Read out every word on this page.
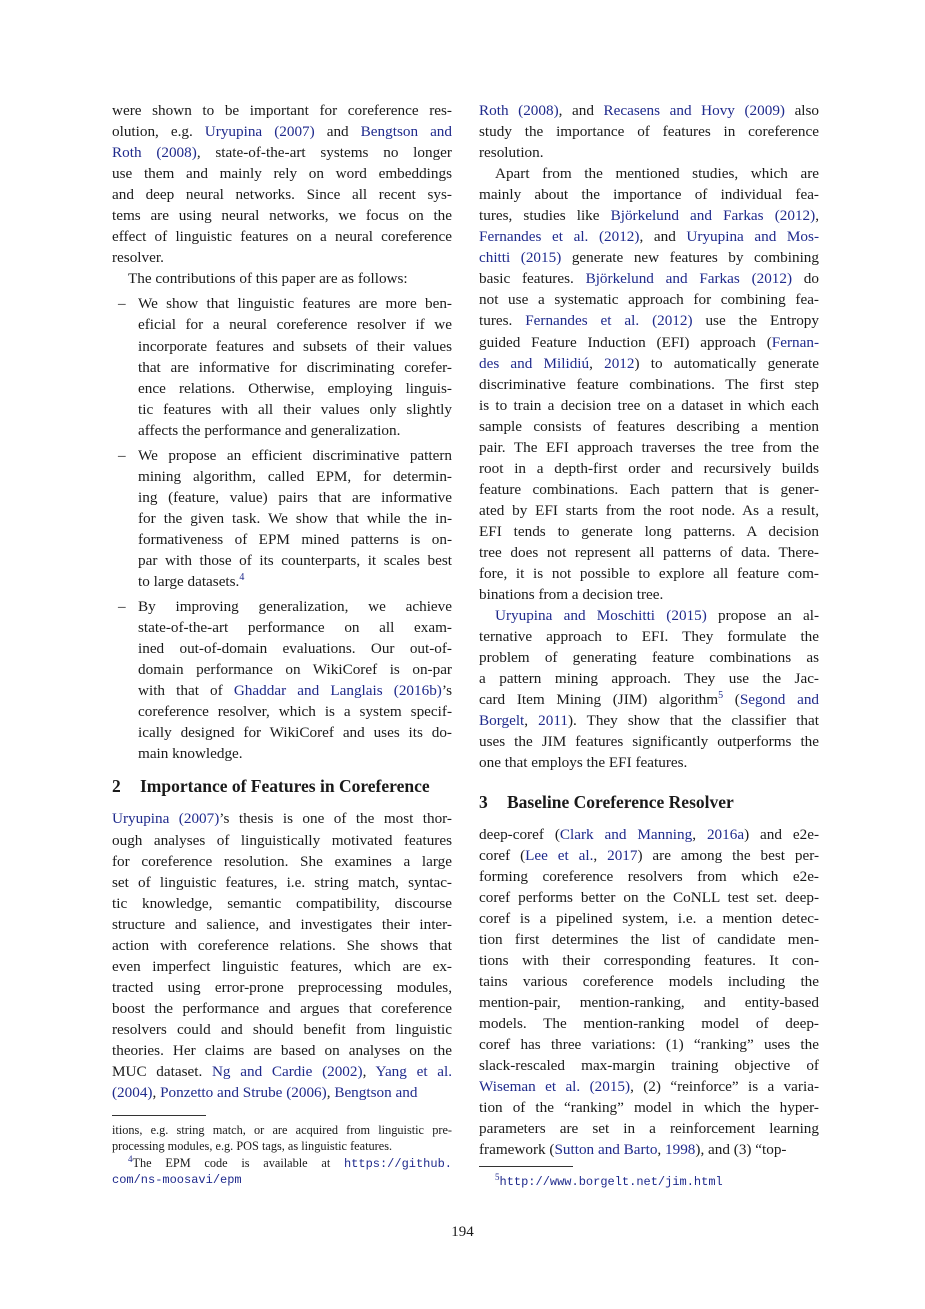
were shown to be important for coreference res-
olution, e.g. Uryupina (2007) and Bengtson and
Roth (2008), state-of-the-art systems no longer
use them and mainly rely on word embeddings
and deep neural networks. Since all recent sys-
tems are using neural networks, we focus on the
effect of linguistic features on a neural coreference
resolver.
The contributions of this paper are as follows:
– We show that linguistic features are more ben-
eficial for a neural coreference resolver if we
incorporate features and subsets of their values
that are informative for discriminating corefer-
ence relations. Otherwise, employing linguis-
tic features with all their values only slightly
affects the performance and generalization.
– We propose an efficient discriminative pattern
mining algorithm, called EPM, for determin-
ing (feature, value) pairs that are informative
for the given task. We show that while the in-
formativeness of EPM mined patterns is on-
par with those of its counterparts, it scales best
to large datasets.$^4$
– By improving generalization, we achieve
state-of-the-art performance on all exam-
ined out-of-domain evaluations. Our out-of-
domain performance on WikiCoref is on-par
with that of Ghaddar and Langlais (2016b)’s
coreference resolver, which is a system specif-
ically designed for WikiCoref and uses its do-
main knowledge.
2 Importance of Features in Coreference
Uryupina (2007)’s thesis is one of the most thor-
ough analyses of linguistically motivated features
for coreference resolution. She examines a large
set of linguistic features, i.e. string match, syntac-
tic knowledge, semantic compatibility, discourse
structure and salience, and investigates their inter-
action with coreference relations. She shows that
even imperfect linguistic features, which are ex-
tracted using error-prone preprocessing modules,
boost the performance and argues that coreference
resolvers could and should benefit from linguistic
theories. Her claims are based on analyses on the
MUC dataset. Ng and Cardie (2002), Yang et al.
(2004), Ponzetto and Strube (2006), Bengtson and
itions, e.g. string match, or are acquired from linguistic pre-
processing modules, e.g. POS tags, as linguistic features.
$^4$The EPM code is available at https://github.
com/ns-moosavi/epm
Roth (2008), and Recasens and Hovy (2009) also
study the importance of features in coreference
resolution.
Apart from the mentioned studies, which are
mainly about the importance of individual fea-
tures, studies like Björkelund and Farkas (2012),
Fernandes et al. (2012), and Uryupina and Mos-
chitti (2015) generate new features by combining
basic features. Björkelund and Farkas (2012) do
not use a systematic approach for combining fea-
tures. Fernandes et al. (2012) use the Entropy
guided Feature Induction (EFI) approach (Fernan-
des and Milidiú, 2012) to automatically generate
discriminative feature combinations. The first step
is to train a decision tree on a dataset in which each
sample consists of features describing a mention
pair. The EFI approach traverses the tree from the
root in a depth-first order and recursively builds
feature combinations. Each pattern that is gener-
ated by EFI starts from the root node. As a result,
EFI tends to generate long patterns. A decision
tree does not represent all patterns of data. There-
fore, it is not possible to explore all feature com-
binations from a decision tree.
Uryupina and Moschitti (2015) propose an al-
ternative approach to EFI. They formulate the
problem of generating feature combinations as
a pattern mining approach. They use the Jac-
card Item Mining (JIM) algorithm$^5$ (Segond and
Borgelt, 2011). They show that the classifier that
uses the JIM features significantly outperforms the
one that employs the EFI features.
3 Baseline Coreference Resolver
deep-coref (Clark and Manning, 2016a) and e2e-
coref (Lee et al., 2017) are among the best per-
forming coreference resolvers from which e2e-
coref performs better on the CoNLL test set. deep-
coref is a pipelined system, i.e. a mention detec-
tion first determines the list of candidate men-
tions with their corresponding features. It con-
tains various coreference models including the
mention-pair, mention-ranking, and entity-based
models. The mention-ranking model of deep-
coref has three variations: (1) “ranking” uses the
slack-rescaled max-margin training objective of
Wiseman et al. (2015), (2) “reinforce” is a varia-
tion of the “ranking” model in which the hyper-
parameters are set in a reinforcement learning
framework (Sutton and Barto, 1998), and (3) “top-
$^5$http://www.borgelt.net/jim.html
194
